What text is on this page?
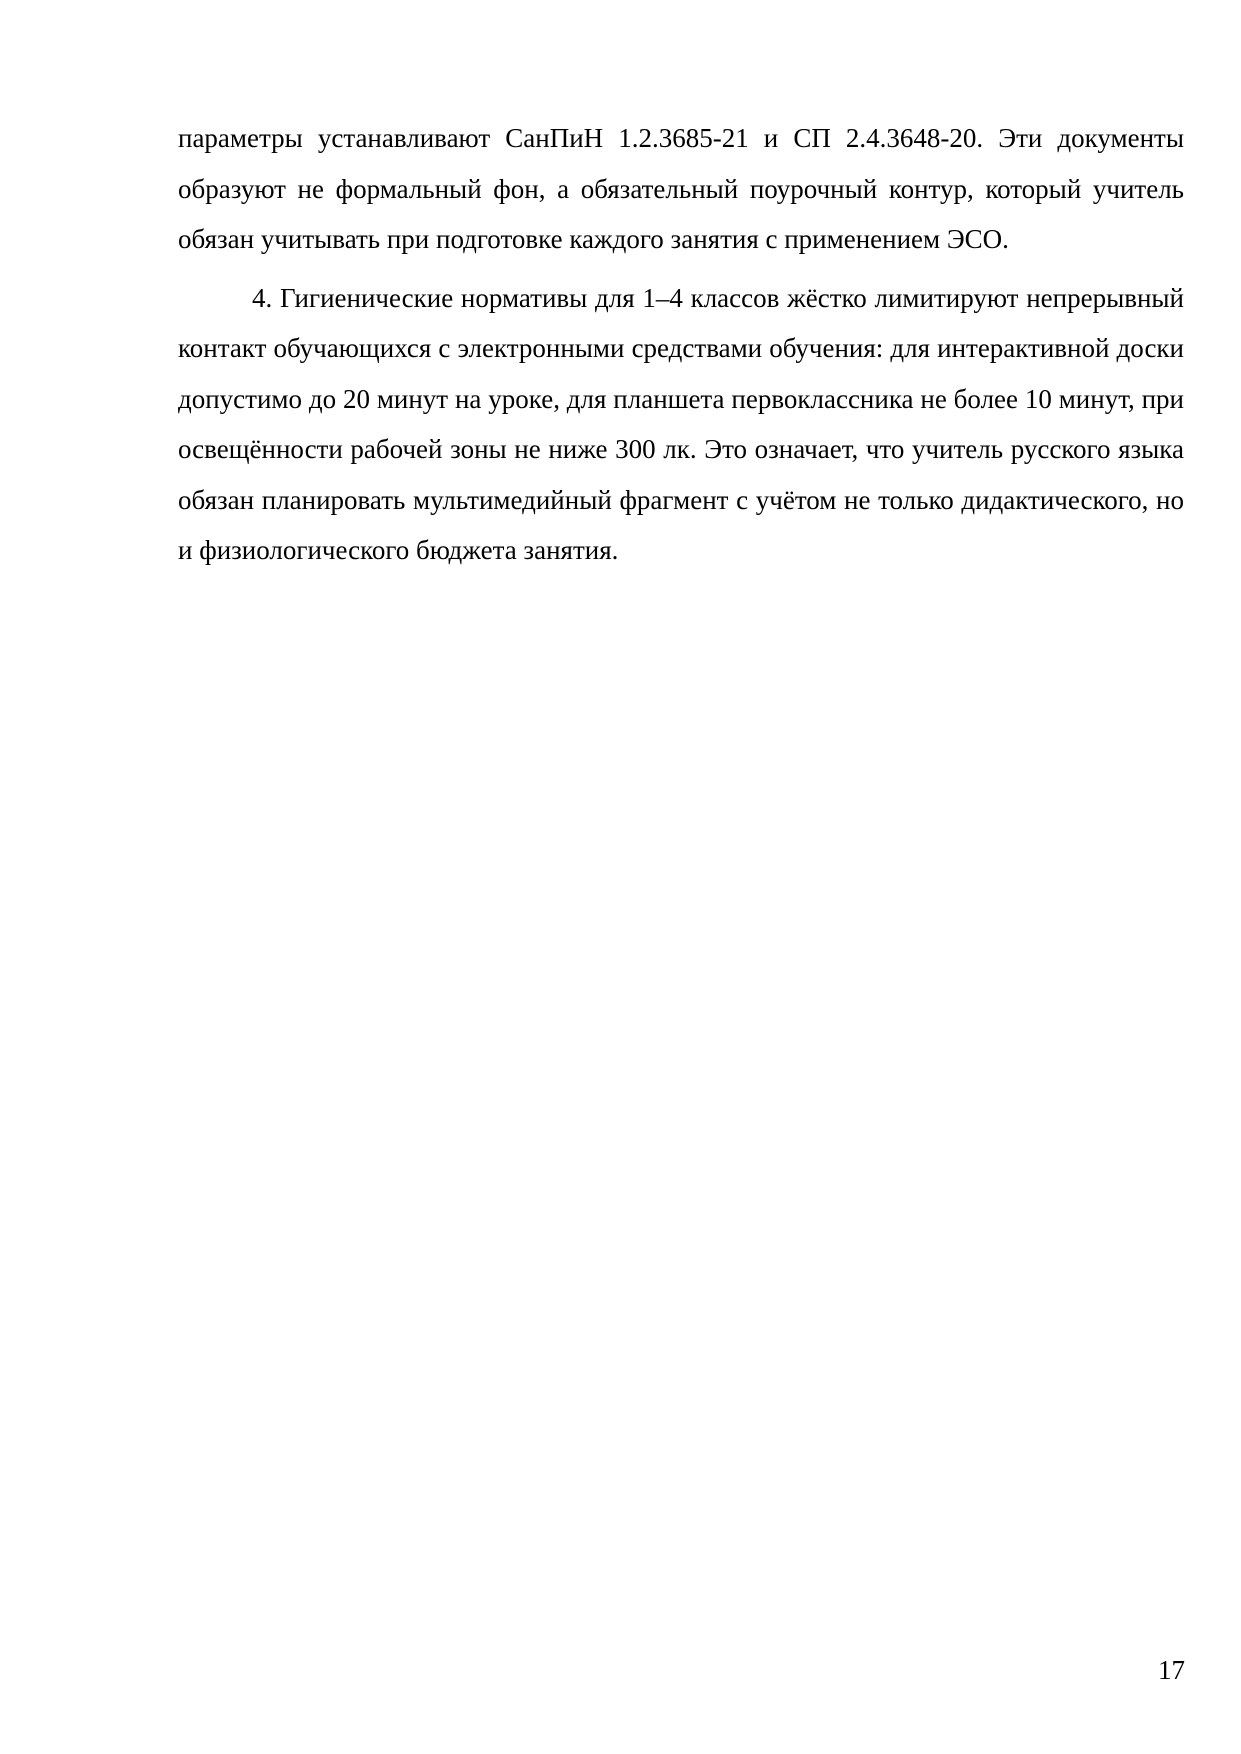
параметры устанавливают СанПиН 1.2.3685-21 и СП 2.4.3648-20. Эти документы образуют не формальный фон, а обязательный поурочный контур, который учитель обязан учитывать при подготовке каждого занятия с применением ЭСО.

4. Гигиенические нормативы для 1–4 классов жёстко лимитируют непрерывный контакт обучающихся с электронными средствами обучения: для интерактивной доски допустимо до 20 минут на уроке, для планшета первоклассника не более 10 минут, при освещённости рабочей зоны не ниже 300 лк. Это означает, что учитель русского языка обязан планировать мультимедийный фрагмент с учётом не только дидактического, но и физиологического бюджета занятия.

17
